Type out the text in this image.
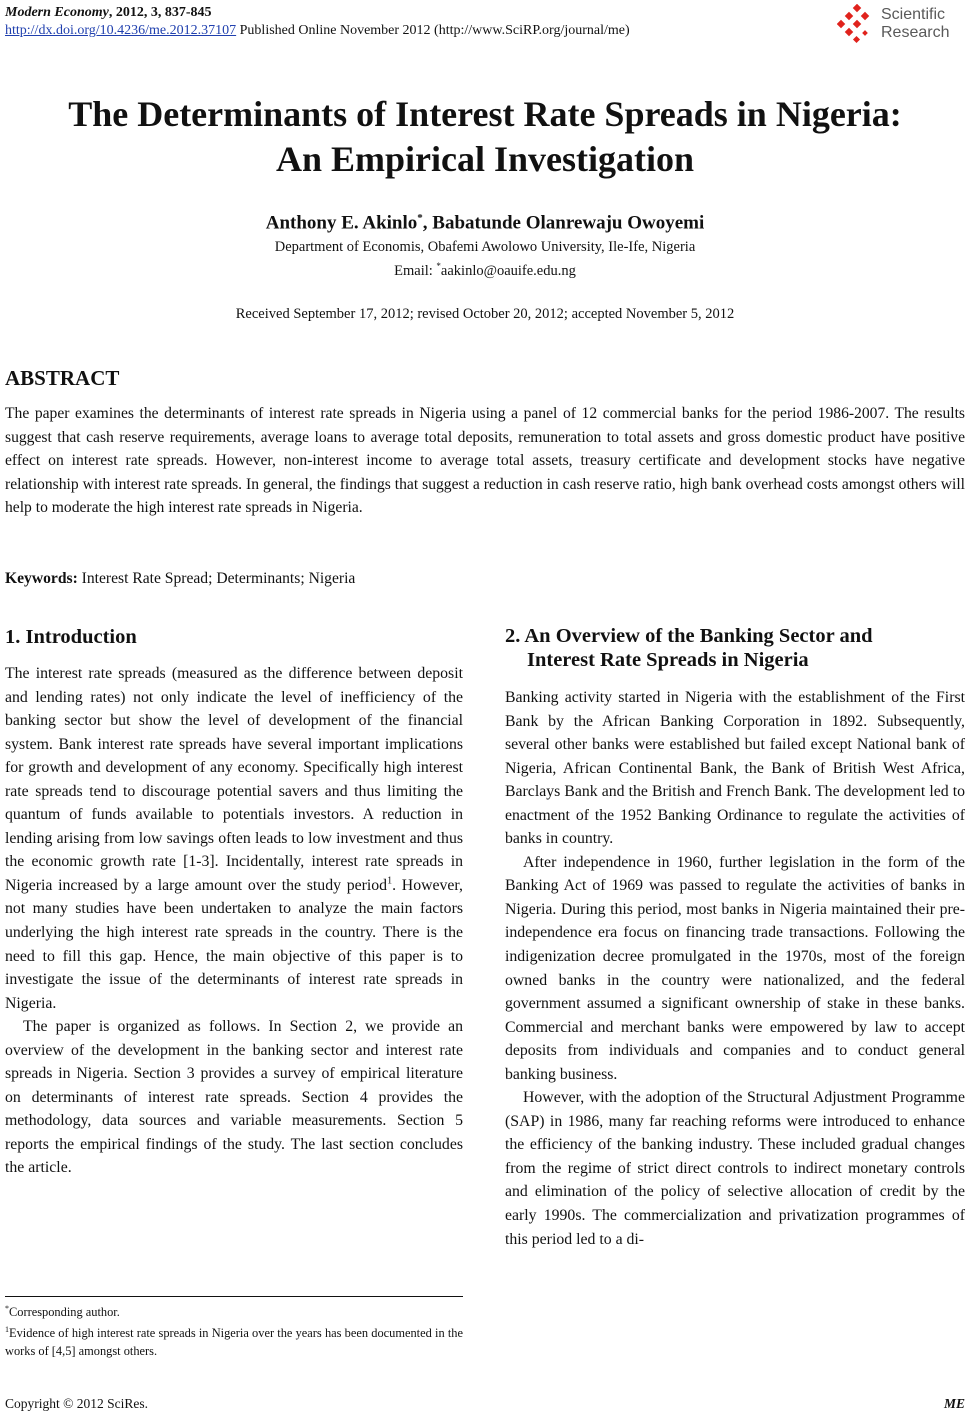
Modern Economy, 2012, 3, 837-845
http://dx.doi.org/10.4236/me.2012.37107 Published Online November 2012 (http://www.SciRP.org/journal/me)
Scientific
Research
The Determinants of Interest Rate Spreads in Nigeria:
An Empirical Investigation
Anthony E. Akinlo*, Babatunde Olanrewaju Owoyemi
Department of Economis, Obafemi Awolowo University, Ile-Ife, Nigeria
Email: *aakinlo@oauife.edu.ng
Received September 17, 2012; revised October 20, 2012; accepted November 5, 2012
ABSTRACT
The paper examines the determinants of interest rate spreads in Nigeria using a panel of 12 commercial banks for the period 1986-2007. The results suggest that cash reserve requirements, average loans to average total deposits, remuneration to total assets and gross domestic product have positive effect on interest rate spreads. However, non-interest income to average total assets, treasury certificate and development stocks have negative relationship with interest rate spreads. In general, the findings that suggest a reduction in cash reserve ratio, high bank overhead costs amongst others will help to moderate the high interest rate spreads in Nigeria.
Keywords: Interest Rate Spread; Determinants; Nigeria
1. Introduction

The interest rate spreads (measured as the difference between deposit and lending rates) not only indicate the level of inefficiency of the banking sector but show the level of development of the financial system. Bank interest rate spreads have several important implications for growth and development of any economy. Specifically high interest rate spreads tend to discourage potential savers and thus limiting the quantum of funds available to potentials investors. A reduction in lending arising from low savings often leads to low investment and thus the economic growth rate [1-3]. Incidentally, interest rate spreads in Nigeria increased by a large amount over the study period$^1$. However, not many studies have been undertaken to analyze the main factors underlying the high interest rate spreads in the country. There is the need to fill this gap. Hence, the main objective of this paper is to investigate the issue of the determinants of interest rate spreads in Nigeria.

The paper is organized as follows. In Section 2, we provide an overview of the development in the banking sector and interest rate spreads in Nigeria. Section 3 provides a survey of empirical literature on determinants of interest rate spreads. Section 4 provides the methodology, data sources and variable measurements. Section 5 reports the empirical findings of the study. The last section concludes the article.

*Corresponding author.
$^1$Evidence of high interest rate spreads in Nigeria over the years has been documented in the works of [4,5] amongst others.
2. An Overview of the Banking Sector and
Interest Rate Spreads in Nigeria

Banking activity started in Nigeria with the establishment of the First Bank by the African Banking Corporation in 1892. Subsequently, several other banks were established but failed except National bank of Nigeria, African Continental Bank, the Bank of British West Africa, Barclays Bank and the British and French Bank. The development led to enactment of the 1952 Banking Ordinance to regulate the activities of banks in country.

After independence in 1960, further legislation in the form of the Banking Act of 1969 was passed to regulate the activities of banks in Nigeria. During this period, most banks in Nigeria maintained their pre-independence era focus on financing trade transactions. Following the indigenization decree promulgated in the 1970s, most of the foreign owned banks in the country were nationalized, and the federal government assumed a significant ownership of stake in these banks. Commercial and merchant banks were empowered by law to accept deposits from individuals and companies and to conduct general banking business.

However, with the adoption of the Structural Adjustment Programme (SAP) in 1986, many far reaching reforms were introduced to enhance the efficiency of the banking industry. These included gradual changes from the regime of strict direct controls to indirect monetary controls and elimination of the policy of selective allocation of credit by the early 1990s. The commercialization and privatization programmes of this period led to a di-

Copyright © 2012 SciRes.	ME
